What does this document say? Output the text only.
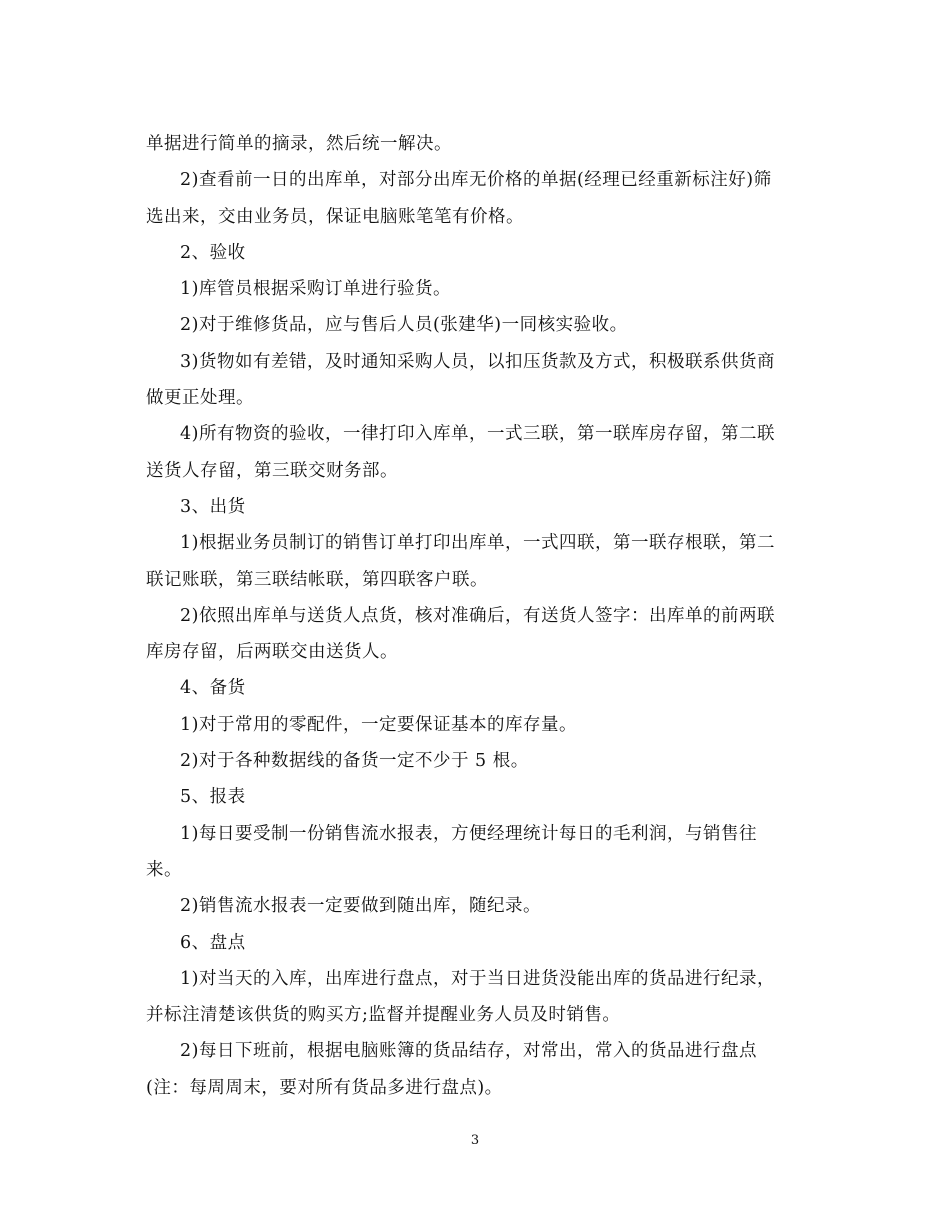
单据进行简单的摘录，然后统一解决。
2)查看前一日的出库单，对部分出库无价格的单据(经理已经重新标注好)筛
选出来，交由业务员，保证电脑账笔笔有价格。
2、验收
1)库管员根据采购订单进行验货。
2)对于维修货品，应与售后人员(张建华)一同核实验收。
3)货物如有差错，及时通知采购人员，以扣压货款及方式，积极联系供货商
做更正处理。
4)所有物资的验收，一律打印入库单，一式三联，第一联库房存留，第二联
送货人存留，第三联交财务部。
3、出货
1)根据业务员制订的销售订单打印出库单，一式四联，第一联存根联，第二
联记账联，第三联结帐联，第四联客户联。
2)依照出库单与送货人点货，核对准确后，有送货人签字：出库单的前两联
库房存留，后两联交由送货人。
4、备货
1)对于常用的零配件，一定要保证基本的库存量。
2)对于各种数据线的备货一定不少于 5 根。
5、报表
1)每日要受制一份销售流水报表，方便经理统计每日的毛利润，与销售往
来。
2)销售流水报表一定要做到随出库，随纪录。
6、盘点
1)对当天的入库，出库进行盘点，对于当日进货没能出库的货品进行纪录，
并标注清楚该供货的购买方;监督并提醒业务人员及时销售。
2)每日下班前，根据电脑账簿的货品结存，对常出，常入的货品进行盘点
(注：每周周末，要对所有货品多进行盘点)。
3
